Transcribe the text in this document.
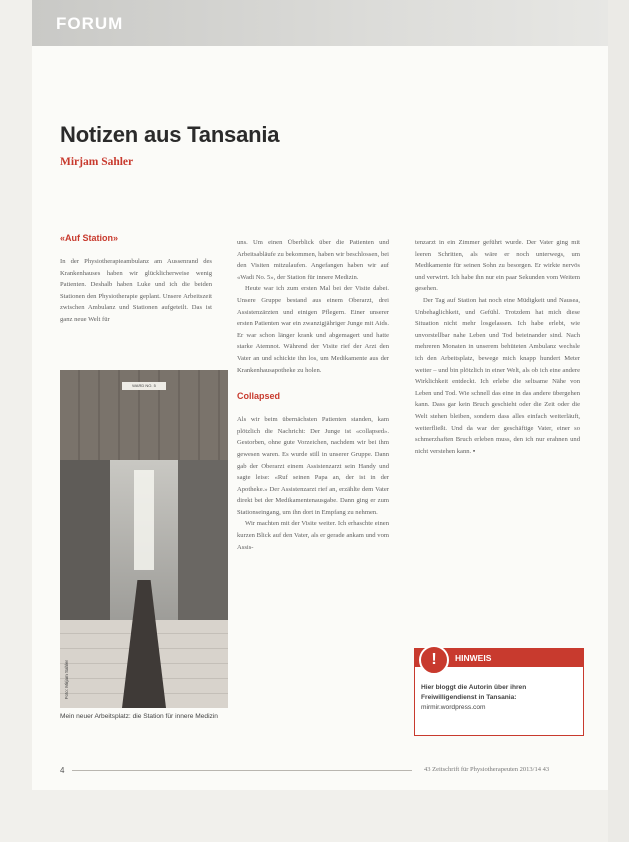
FORUM
Notizen aus Tansania
Mirjam Sahler
«Auf Station»

In der Physiotherapieambulanz am Aussenrand des Krankenhauses haben wir glücklicherweise wenig Patienten. Deshalb haben Luke und ich die beiden Stationen den Physiotherapie geplant. Unsere Arbeitszeit zwischen Ambulanz und Stationen aufgeteilt. Das ist ganz neue Welt für

WARD NO. 5
Foto: Mirjam Sahler
Mein neuer Arbeitsplatz: die Station für innere Medizin

uns. Um einen Überblick über die Patienten und Arbeitsabläufe zu bekommen, haben wir beschlossen, bei den Visiten mitzulaufen. Angefangen haben wir auf «Wadi No. 5», der Station für innere Medizin.

Heute war ich zum ersten Mal bei der Visite dabei. Unsere Gruppe bestand aus einem Oberarzt, drei Assistenzärzten und einigen Pflegern. Einer unserer ersten Patienten war ein zwanzigjähriger Junge mit Aids. Er war schon länger krank und abgemagert und hatte starke Atemnot. Während der Visite rief der Arzt den Vater an und schickte ihn los, um Medikamente aus der Krankenhausapotheke zu holen.

Collapsed

Als wir beim übernächsten Patienten standen, kam plötzlich die Nachricht: Der Junge ist «collapsed». Gestorben, ohne gute Vorzeichen, nachdem wir bei ihm gewesen waren. Es wurde still in unserer Gruppe. Dann gab der Oberarzt einem Assistenzarzt sein Handy und sagte leise: «Ruf seinen Papa an, der ist in der Apotheke.» Der Assistenzarzt rief an, erzählte dem Vater direkt bei der Medikamentenausgabe. Dann ging er zum Stationseingang, um ihn dort in Empfang zu nehmen.

Wir machten mit der Visite weiter. Ich erhaschte einen kurzen Blick auf den Vater, als er gerade ankam und vom Assis-

tenzarzt in ein Zimmer geführt wurde. Der Vater ging mit leeren Schritten, als wäre er noch unterwegs, um Medikamente für seinen Sohn zu besorgen. Er wirkte nervös und verwirrt. Ich habe ihn nur ein paar Sekunden vom Weitem gesehen.

Der Tag auf Station hat noch eine Müdigkeit und Nausea, Unbehaglichkeit, und Gefühl. Trotzdem hat mich diese Situation nicht mehr losgelassen. Ich habe erlebt, wie unvorstellbar nahe Leben und Tod beieinander sind. Nach mehreren Monaten in unserem behüteten Ambulanz wechsle ich den Arbeitsplatz, bewege mich knapp hundert Meter weiter – und bin plötzlich in einer Welt, als ob ich eine andere Wirklichkeit entdeckt. Ich erlebe die seltsame Nähe von Leben und Tod. Wie schnell das eine in das andere übergehen kann. Dass gar kein Bruch geschieht oder die Zeit oder die Welt stehen bleiben, sondern dass alles einfach weiterläuft, weiterfließt. Und da war der geschäftige Vater, einer so schmerzhaften Bruch erleben muss, den ich nur erahnen und nicht verstehen kann. ▪

HINWEIS
!
Hier bloggt die Autorin über ihren
Freiwilligendienst in Tansania:
mirmir.wordpress.com
4	43 Zeitschrift für Physiotherapeuten 2013/14 43
